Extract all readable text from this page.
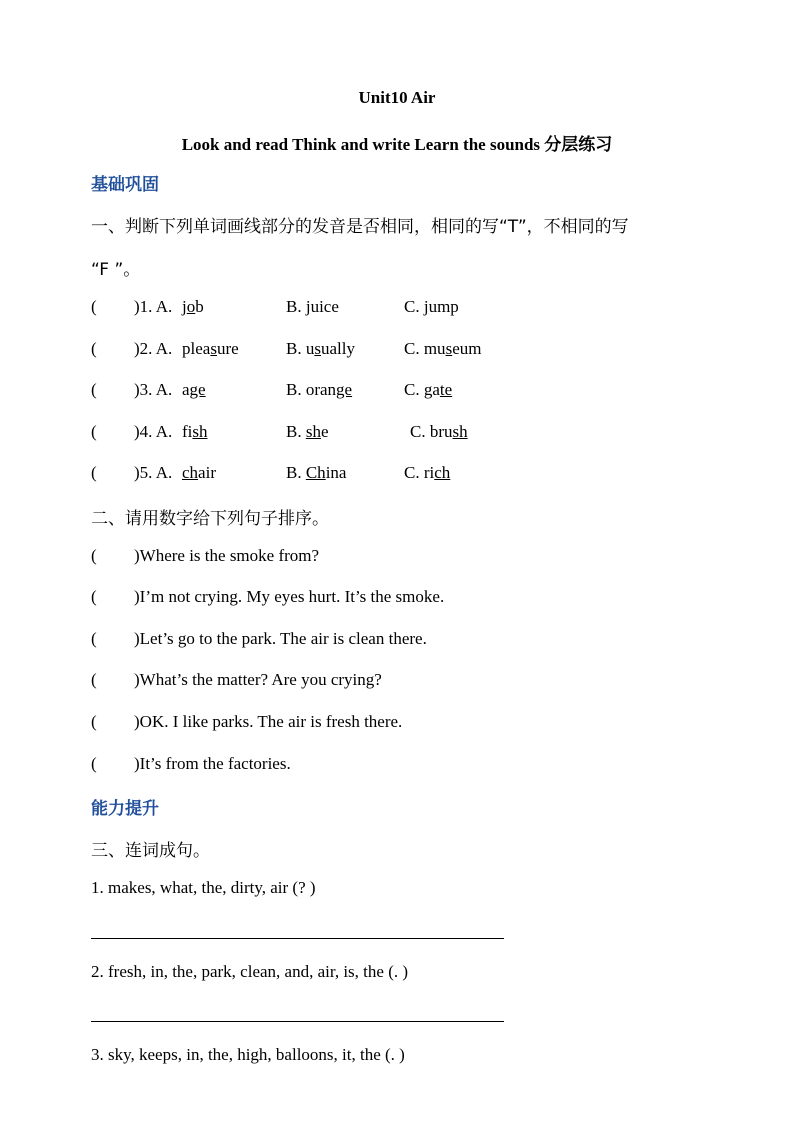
Unit10 Air
Look and read Think and write Learn the sounds 分层练习
基础巩固
一、判断下列单词画线部分的发音是否相同，相同的写“T”，不相同的写
“F ”。
( )1. A. job	B. juice	C. jump
( )2. A. pleasure	B. usually	C. museum
( )3. A. age	B. orange	C. gate
( )4. A. fish	B. she	C. brush
( )5. A. chair	B. China	C. rich
二、请用数字给下列句子排序。
( )Where is the smoke from?
( )I’m not crying. My eyes hurt. It’s the smoke.
( )Let’s go to the park. The air is clean there.
( )What’s the matter? Are you crying?
( )OK. I like parks. The air is fresh there.
( )It’s from the factories.
能力提升
三、连词成句。
1. makes, what, the, dirty, air (? )
2. fresh, in, the, park, clean, and, air, is, the (. )
3. sky, keeps, in, the, high, balloons, it, the (. )
